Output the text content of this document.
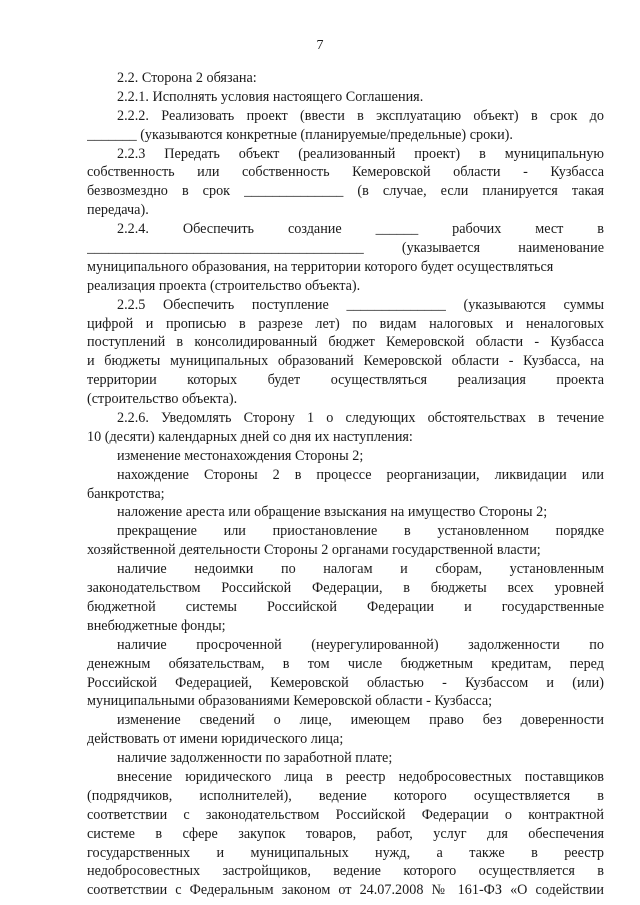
7
2.2. Сторона 2 обязана:
2.2.1. Исполнять условия настоящего Соглашения.
2.2.2. Реализовать проект (ввести в эксплуатацию объект) в срок до
_______ (указываются конкретные (планируемые/предельные) сроки).
2.2.3 Передать объект (реализованный проект) в муниципальную
собственность или собственность Кемеровской области - Кузбасса
безвозмездно в срок ______________ (в случае, если планируется такая
передача).
2.2.4. Обеспечить создание ______ рабочих мест в
_______________________________________ (указывается наименование
муниципального образования, на территории которого будет осуществляться
реализация проекта (строительство объекта).
2.2.5 Обеспечить поступление ______________ (указываются суммы
цифрой и прописью в разрезе лет) по видам налоговых и неналоговых
поступлений в консолидированный бюджет Кемеровской области - Кузбасса
и бюджеты муниципальных образований Кемеровской области - Кузбасса, на
территории которых будет осуществляться реализация проекта
(строительство объекта).
2.2.6. Уведомлять Сторону 1 о следующих обстоятельствах в течение
10 (десяти) календарных дней со дня их наступления:
изменение местонахождения Стороны 2;
нахождение Стороны 2 в процессе реорганизации, ликвидации или
банкротства;
наложение ареста или обращение взыскания на имущество Стороны 2;
прекращение или приостановление в установленном порядке
хозяйственной деятельности Стороны 2 органами государственной власти;
наличие недоимки по налогам и сборам, установленным
законодательством Российской Федерации, в бюджеты всех уровней
бюджетной системы Российской Федерации и государственные
внебюджетные фонды;
наличие просроченной (неурегулированной) задолженности по
денежным обязательствам, в том числе бюджетным кредитам, перед
Российской Федерацией, Кемеровской областью - Кузбассом и (или)
муниципальными образованиями Кемеровской области - Кузбасса;
изменение сведений о лице, имеющем право без доверенности
действовать от имени юридического лица;
наличие задолженности по заработной плате;
внесение юридического лица в реестр недобросовестных поставщиков
(подрядчиков, исполнителей), ведение которого осуществляется в
соответствии с законодательством Российской Федерации о контрактной
системе в сфере закупок товаров, работ, услуг для обеспечения
государственных и муниципальных нужд, а также в реестр
недобросовестных застройщиков, ведение которого осуществляется в
соответствии с Федеральным законом от 24.07.2008 № 161-ФЗ «О содействии
